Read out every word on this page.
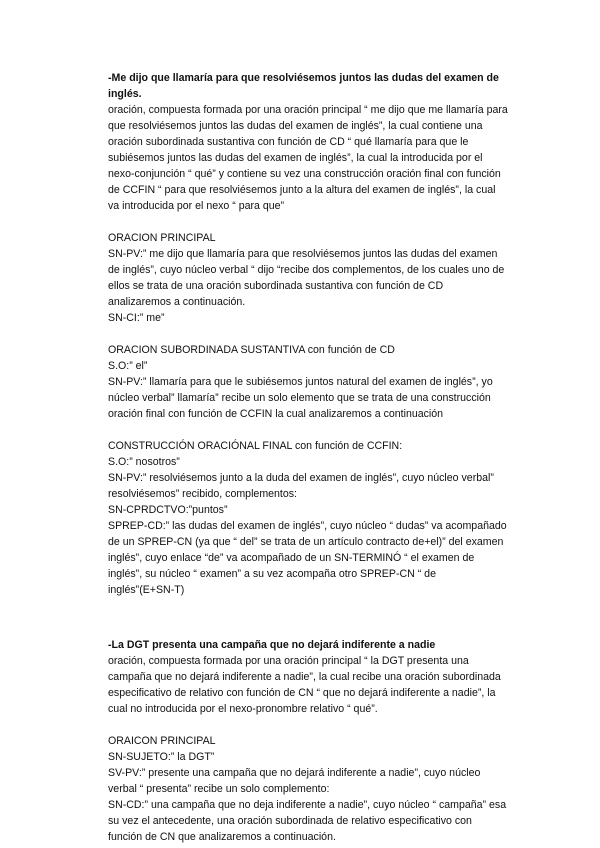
-Me dijo que llamaría para que resolviésemos juntos las dudas del examen de
inglés.
oración, compuesta formada por una oración principal “ me dijo que me llamaría para
que resolviésemos juntos las dudas del examen de inglés”, la cual contiene una
oración subordinada sustantiva con función de CD “ qué llamaría para que le
subiésemos juntos las dudas del examen de inglés”, la cual la introducida por el
nexo-conjunción “ qué” y contiene su vez una construcción oración final con función
de CCFIN “ para que resolviésemos junto a la altura del examen de inglés”, la cual
va introducida por el nexo “ para que”
ORACION PRINCIPAL
SN-PV:” me dijo que llamaría para que resolviésemos juntos las dudas del examen
de inglés”, cuyo núcleo verbal “ dijo “recibe dos complementos, de los cuales uno de
ellos se trata de una oración subordinada sustantiva con función de CD
analizaremos a continuación.
SN-CI:” me”
ORACION SUBORDINADA SUSTANTIVA con función de CD
S.O:” el”
SN-PV:” llamaría para que le subiésemos juntos natural del examen de inglés”, yo
núcleo verbal” llamaría” recibe un solo elemento que se trata de una construcción
oración final con función de CCFIN la cual analizaremos a continuación
CONSTRUCCIÓN ORACIÓNAL FINAL con función de CCFIN:
S.O:” nosotros”
SN-PV:” resolviésemos junto a la duda del examen de inglés”, cuyo núcleo verbal”
resolviésemos” recibido, complementos:
SN-CPRDCTVO:”puntos”
SPREP-CD:” las dudas del examen de inglés”, cuyo núcleo “ dudas” va acompañado
de un SPREP-CN (ya que “ del” se trata de un artículo contracto de+el)” del examen
inglés”, cuyo enlace “de” va acompañado de un SN-TERMINÓ “ el examen de
inglés”, su núcleo “ examen” a su vez acompaña otro SPREP-CN “ de
inglés”(E+SN-T)
-La DGT presenta una campaña que no dejará indiferente a nadie
oración, compuesta formada por una oración principal “ la DGT presenta una
campaña que no dejará indiferente a nadie”, la cual recibe una oración subordinada
especificativo de relativo con función de CN “ que no dejará indiferente a nadie”, la
cual no introducida por el nexo-pronombre relativo “ qué”.
ORAICON PRINCIPAL
SN-SUJETO:” la DGT”
SV-PV:” presente una campaña que no dejará indiferente a nadie”, cuyo núcleo
verbal “ presenta” recibe un solo complemento:
SN-CD:” una campaña que no deja indiferente a nadie”, cuyo núcleo “ campaña” esa
su vez el antecedente, una oración subordinada de relativo especificativo con
función de CN que analizaremos a continuación.
